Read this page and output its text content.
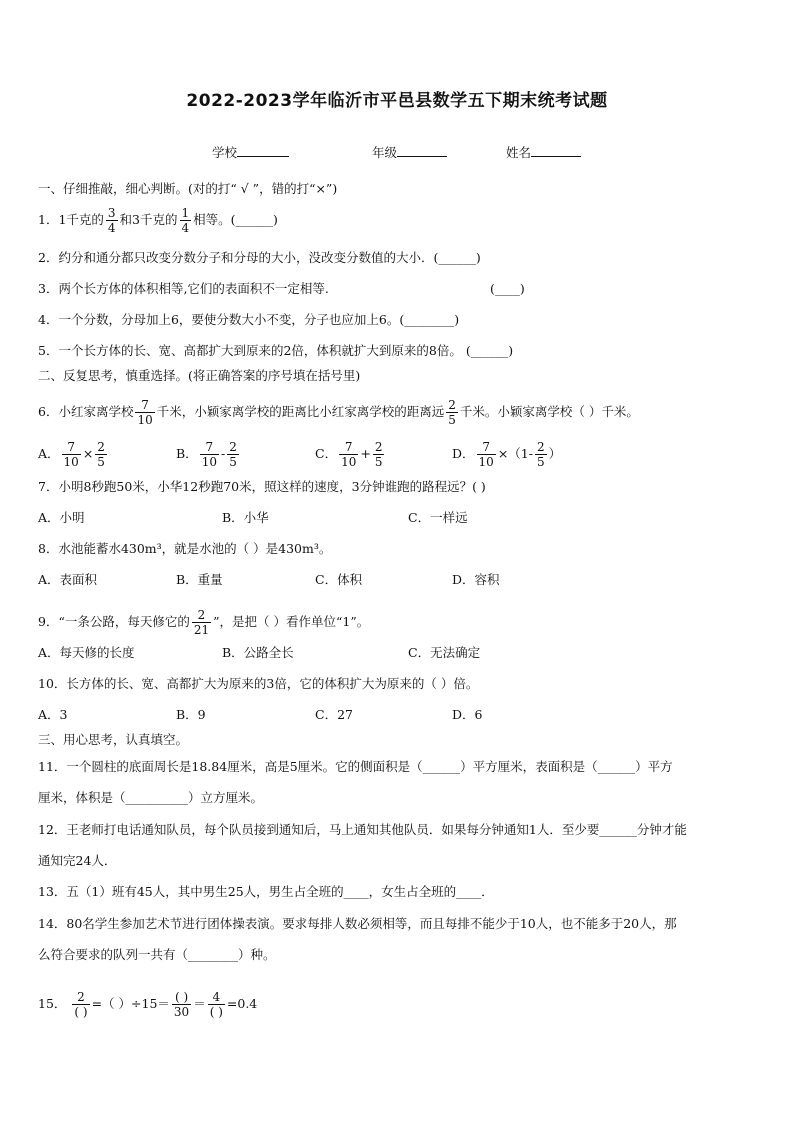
2022-2023学年临沂市平邑县数学五下期末统考试题
学校	年级	姓名
一、仔细推敲，细心判断。(对的打“ √ ”，错的打“×”)
1．1千克的 $\frac{3}{4}$ 和3千克的 $\frac{1}{4}$ 相等。(______)
2．约分和通分都只改变分数分子和分母的大小，没改变分数值的大小．(______)
3．两个长方体的体积相等,它们的表面积不一定相等.	(____)
4．一个分数，分母加上6，要使分数大小不变，分子也应加上6。(________)
5．一个长方体的长、宽、高都扩大到原来的2倍，体积就扩大到原来的8倍。 (______)
二、反复思考，慎重选择。(将正确答案的序号填在括号里)
6．小红家离学校 $\frac{7}{10}$ 千米，小颖家离学校的距离比小红家离学校的距离远 $\frac{2}{5}$ 千米。小颖家离学校（ ）千米。
A． $\frac{7}{10} \times \frac{2}{5}$	B． $\frac{7}{10} - \frac{2}{5}$	C． $\frac{7}{10} + \frac{2}{5}$	D． $\frac{7}{10} \times(1- \frac{2}{5}$ ）
7．小明8秒跑50米，小华12秒跑70米，照这样的速度，3分钟谁跑的路程远？( )
A．小明	B．小华	C．一样远
8．水池能蓄水430m³，就是水池的（ ）是430m³。
A．表面积	B．重量	C．体积	D．容积
9．“一条公路，每天修它的 $\frac{2}{21}$ ”，是把（ ）看作单位“1”。
A．每天修的长度	B．公路全长	C．无法确定
10．长方体的长、宽、高都扩大为原来的3倍，它的体积扩大为原来的（ ）倍。
A．3	B．9	C．27	D．6
三、用心思考，认真填空。
11．一个圆柱的底面周长是18.84厘米，高是5厘米。它的侧面积是（______）平方厘米，表面积是（______）平方
厘米，体积是（__________）立方厘米。
12．王老师打电话通知队员，每个队员接到通知后，马上通知其他队员．如果每分钟通知1人．至少要______分钟才能
通知完24人．
13．五（1）班有45人，其中男生25人，男生占全班的____，女生占全班的____．
14．80名学生参加艺术节进行团体操表演。要求每排人数必须相等，而且每排不能少于10人，也不能多于20人，那
么符合要求的队列一共有（________）种。
15． $\frac{2}{( )}$ =（ ）$\div 15= \frac{( )}{30} = \frac{4}{( )} =0.4$
